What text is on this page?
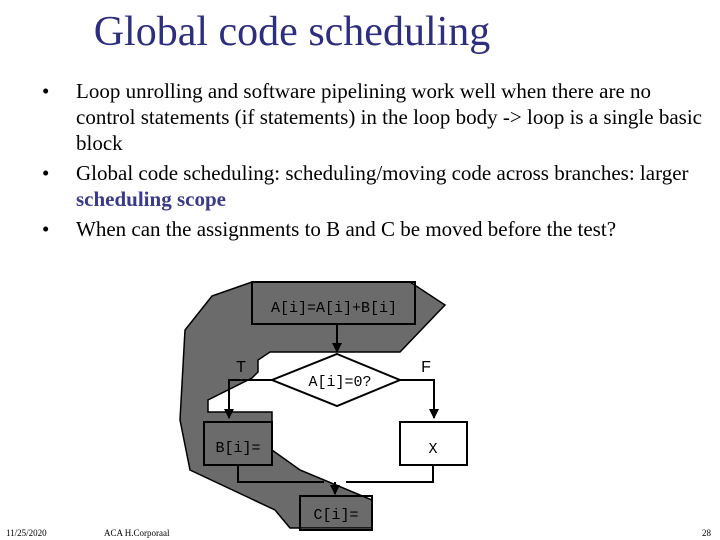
Global code scheduling
• Loop unrolling and software pipelining work well when there are no control statements (if statements) in the loop body -> loop is a single basic block
• Global code scheduling: scheduling/moving code across branches: larger scheduling scope
• When can the assignments to B and C be moved before the test?
A[i]=A[i]+B[i]
A[i]=0?
T	F
B[i]=	X
C[i]=
11/25/2020	ACA H.Corporaal	28
